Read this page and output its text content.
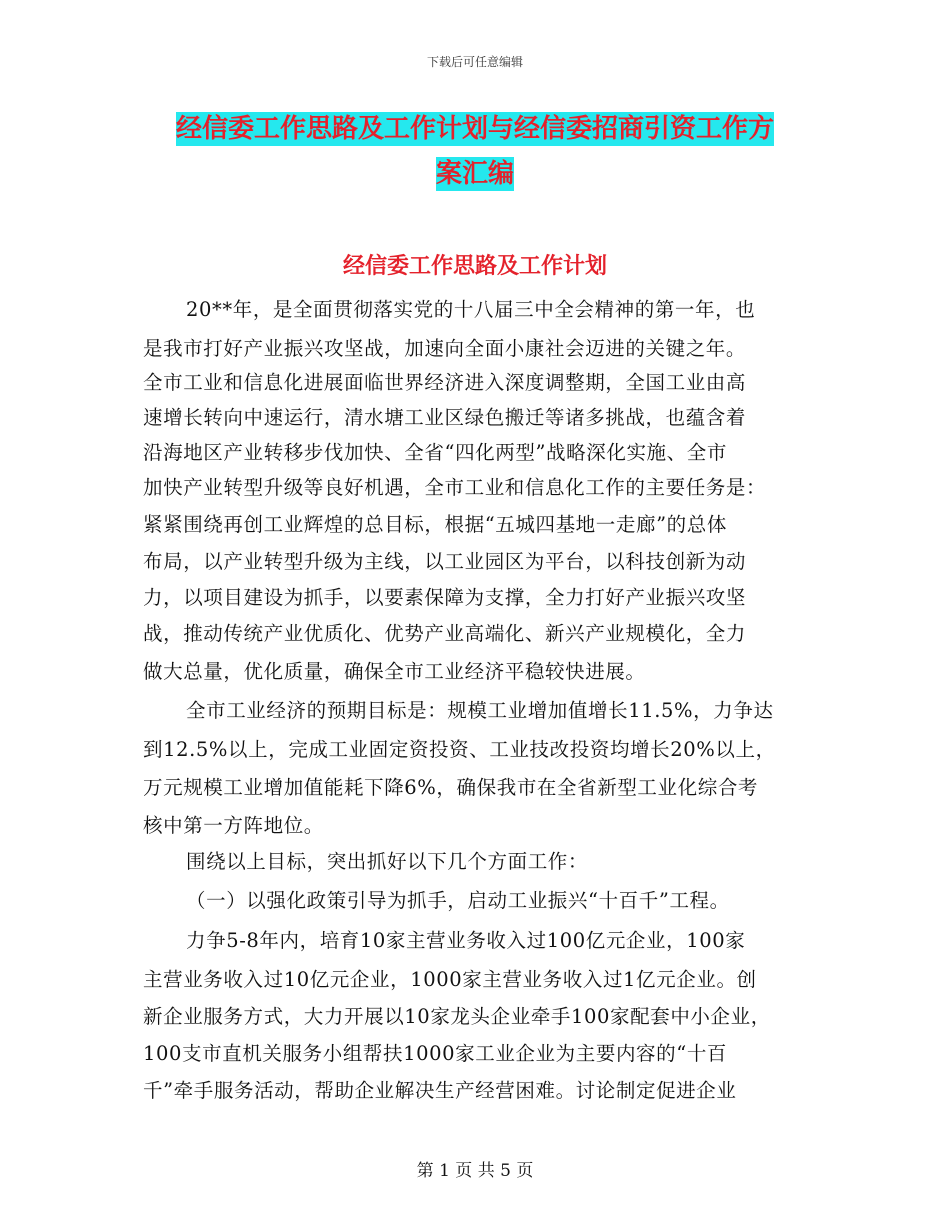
下载后可任意编辑
经信委工作思路及工作计划与经信委招商引资工作方
案汇编
经信委工作思路及工作计划
20**年，是全面贯彻落实党的十八届三中全会精神的第一年，也
是我市打好产业振兴攻坚战，加速向全面小康社会迈进的关键之年。
全市工业和信息化进展面临世界经济进入深度调整期，全国工业由高
速增长转向中速运行，清水塘工业区绿色搬迁等诸多挑战，也蕴含着
沿海地区产业转移步伐加快、全省“四化两型”战略深化实施、全市
加快产业转型升级等良好机遇，全市工业和信息化工作的主要任务是：
紧紧围绕再创工业辉煌的总目标，根据“五城四基地一走廊”的总体
布局，以产业转型升级为主线，以工业园区为平台，以科技创新为动
力，以项目建设为抓手，以要素保障为支撑，全力打好产业振兴攻坚
战，推动传统产业优质化、优势产业高端化、新兴产业规模化，全力
做大总量，优化质量，确保全市工业经济平稳较快进展。
全市工业经济的预期目标是：规模工业增加值增长11.5%，力争达
到12.5%以上，完成工业固定资投资、工业技改投资均增长20%以上，
万元规模工业增加值能耗下降6%，确保我市在全省新型工业化综合考
核中第一方阵地位。
围绕以上目标，突出抓好以下几个方面工作：
（一）以强化政策引导为抓手，启动工业振兴“十百千”工程。
力争5-8年内，培育10家主营业务收入过100亿元企业，100家
主营业务收入过10亿元企业，1000家主营业务收入过1亿元企业。创
新企业服务方式，大力开展以10家龙头企业牵手100家配套中小企业，
100支市直机关服务小组帮扶1000家工业企业为主要内容的“十百
千”牵手服务活动，帮助企业解决生产经营困难。讨论制定促进企业
第 1 页 共 5 页
